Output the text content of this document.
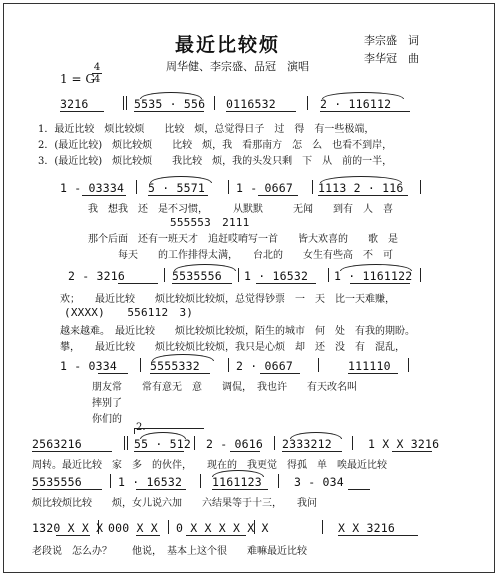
最近比较烦
周华健、李宗盛、品冠　演唱
李宗盛　词
李华冠　曲
1 = G
4
4
3216	5535 · 556 0116532	2 · 116112
1．最近比较　烦比较烦　　比较　烦，总觉得日子　过　得　有一些极端，
2．(最近比较)　烦比较烦　　比较　烦，我　看那南方　怎　么　也看不到岸，
3．(最近比较)　烦比较烦　　我比较　烦，我的头发只剩　下　从　前的一半，
1 - 03334 5 · 5571	1 - 0667 1113 2 · 116
我　想我　还　是不习惯，　　　从默默　　　无闻　　到有　人　喜
555553　2111
那个后面　还有一班天才　追赶哎唷写一首　　皆大欢喜的　　歌　是
每天　　的工作排得太满，　　台北的　　女生有些高　不　可
2 - 3216	5535556 1 · 16532 1 · 1161122
欢；　　最近比较　　烦比较烦比较烦，总觉得钞票　一　天　比一天难赚，
(XXXX)　　556112　3)
越来越难。　最近比较　　烦比较烦比较烦，陌生的城市　何　处　有我的期盼。
攀，　　最近比较　　烦比较烦比较烦，我只是心烦　却　还　没　有　混乱，
1 - 0334	5555332	2 · 0667	111110
朋友常　　常有意无　意　　调侃，　我也许　　有天改名叫
摔别了
你们的
2563216	55 · 512 2 - 0616 2333212	1 X X 3216
周转。最近比较　家　多　的伙伴，　　现在的　我更觉　得孤　单　唉最近比较
5535556	1 · 16532	1161123	3 - 034
烦比较烦比较　　烦，女儿说六加　　六结果等于十三，　　我问
1320 X X X 000 X X 0 X X X X X X	X X 3216
老段说　怎么办？　　他说，　基本上这个很　　难嘛最近比较
